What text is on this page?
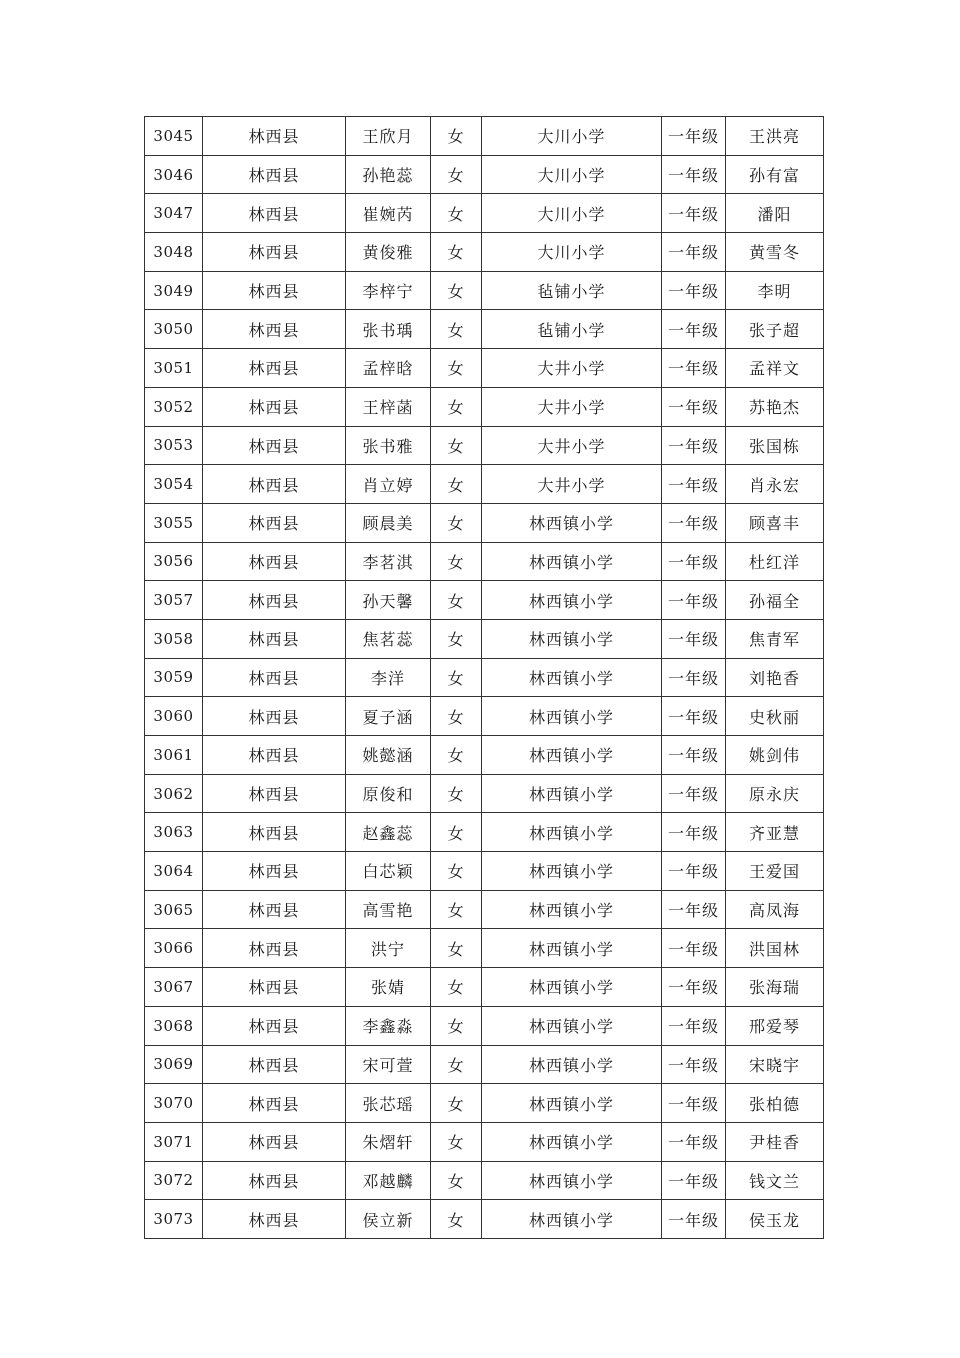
3045	林西县	王欣月	女	大川小学	一年级	王洪亮
3046	林西县	孙艳蕊	女	大川小学	一年级	孙有富
3047	林西县	崔婉芮	女	大川小学	一年级	潘阳
3048	林西县	黄俊雅	女	大川小学	一年级	黄雪冬
3049	林西县	李梓宁	女	毡铺小学	一年级	李明
3050	林西县	张书瑀	女	毡铺小学	一年级	张子超
3051	林西县	孟梓晗	女	大井小学	一年级	孟祥文
3052	林西县	王梓菡	女	大井小学	一年级	苏艳杰
3053	林西县	张书雅	女	大井小学	一年级	张国栋
3054	林西县	肖立婷	女	大井小学	一年级	肖永宏
3055	林西县	顾晨美	女	林西镇小学	一年级	顾喜丰
3056	林西县	李茗淇	女	林西镇小学	一年级	杜红洋
3057	林西县	孙天馨	女	林西镇小学	一年级	孙福全
3058	林西县	焦茗蕊	女	林西镇小学	一年级	焦青军
3059	林西县	李洋	女	林西镇小学	一年级	刘艳香
3060	林西县	夏子涵	女	林西镇小学	一年级	史秋丽
3061	林西县	姚懿涵	女	林西镇小学	一年级	姚剑伟
3062	林西县	原俊和	女	林西镇小学	一年级	原永庆
3063	林西县	赵鑫蕊	女	林西镇小学	一年级	齐亚慧
3064	林西县	白芯颖	女	林西镇小学	一年级	王爱国
3065	林西县	高雪艳	女	林西镇小学	一年级	高凤海
3066	林西县	洪宁	女	林西镇小学	一年级	洪国林
3067	林西县	张婧	女	林西镇小学	一年级	张海瑞
3068	林西县	李鑫淼	女	林西镇小学	一年级	邢爱琴
3069	林西县	宋可萱	女	林西镇小学	一年级	宋晓宇
3070	林西县	张芯瑶	女	林西镇小学	一年级	张柏德
3071	林西县	朱熠轩	女	林西镇小学	一年级	尹桂香
3072	林西县	邓越麟	女	林西镇小学	一年级	钱文兰
3073	林西县	侯立新	女	林西镇小学	一年级	侯玉龙
